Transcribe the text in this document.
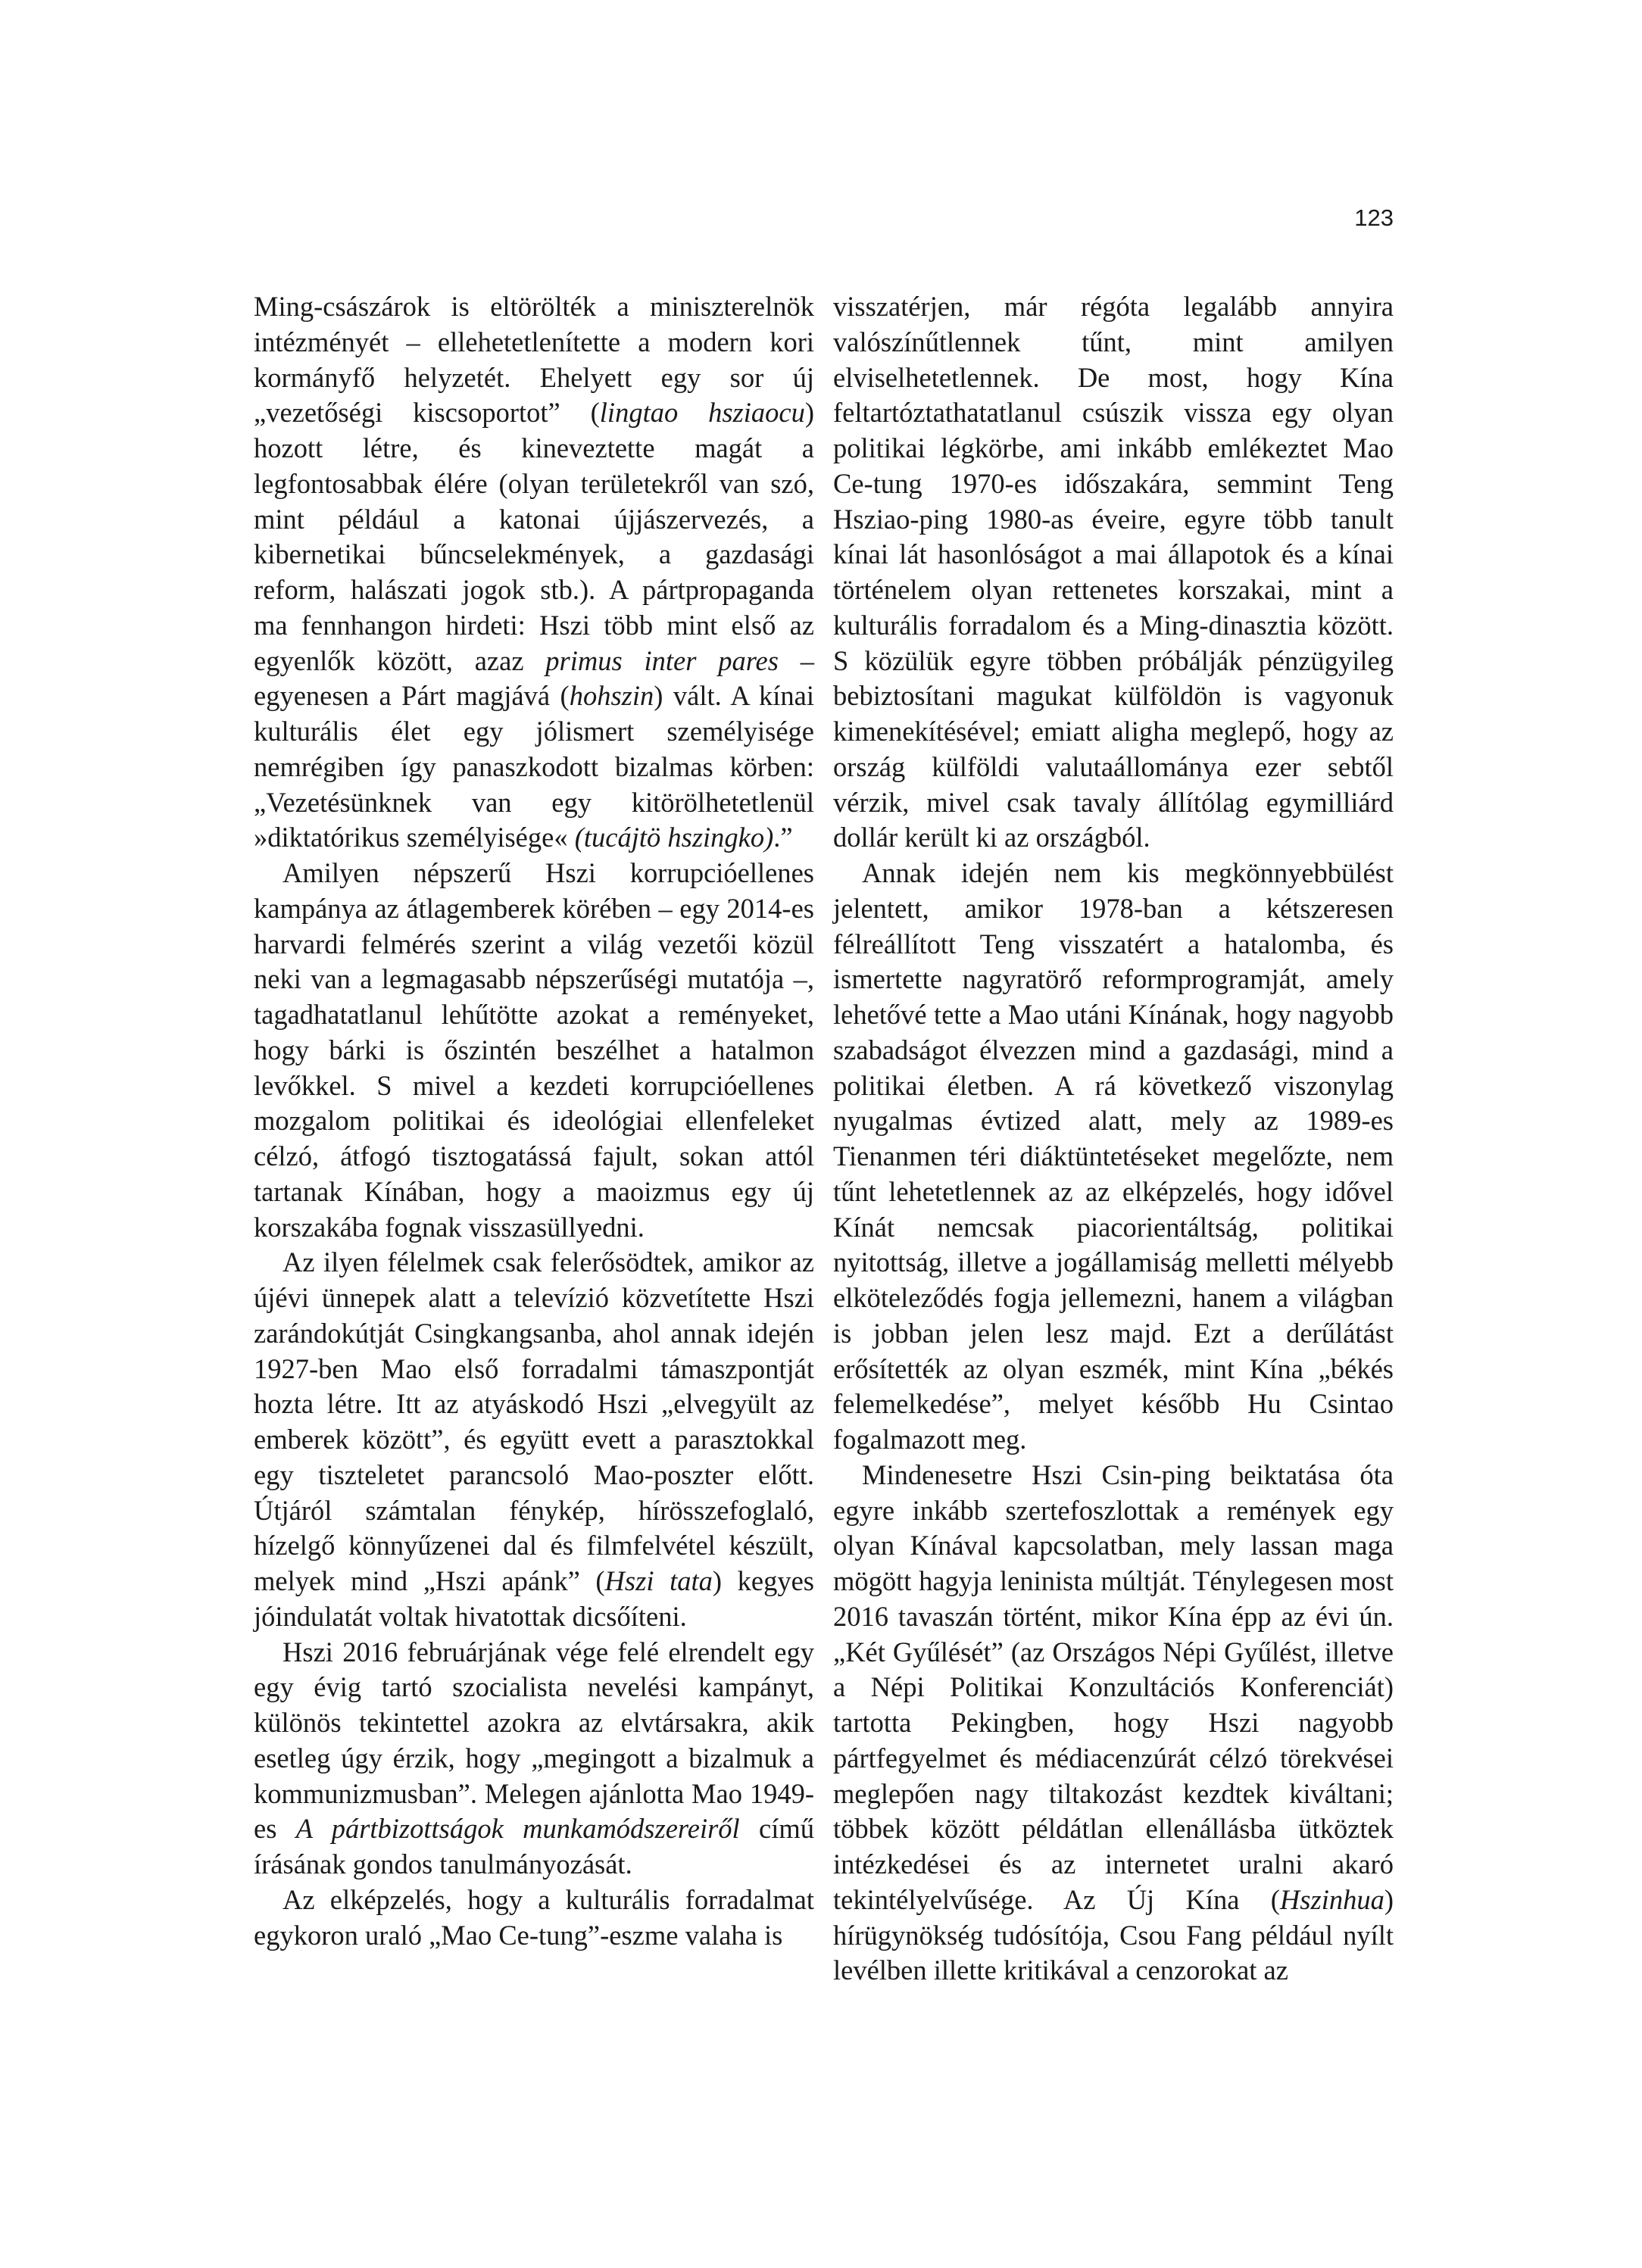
123

Ming-császárok is eltörölték a miniszterelnök intézményét – ellehetetlenítette a modern kori kormányfő helyzetét. Ehelyett egy sor új „vezetőségi kiscsoportot” (lingtao hsziaocu) hozott létre, és kineveztette magát a legfontosabbak élére (olyan területekről van szó, mint például a katonai újjászervezés, a kibernetikai bűncselekmények, a gazdasági reform, halászati jogok stb.). A pártpropaganda ma fennhangon hirdeti: Hszi több mint első az egyenlők között, azaz primus inter pares – egyenesen a Párt magjává (hohszin) vált. A kínai kulturális élet egy jólismert személyisége nemrégiben így panaszkodott bizalmas körben: „Vezetésünknek van egy kitörölhetetlenül »diktatórikus személyisége« (tucájtö hszingko).”

Amilyen népszerű Hszi korrupcióellenes kampánya az átlagemberek körében – egy 2014-es harvardi felmérés szerint a világ vezetői közül neki van a legmagasabb népszerűségi mutatója –, tagadhatatlanul lehűtötte azokat a reményeket, hogy bárki is őszintén beszélhet a hatalmon levőkkel. S mivel a kezdeti korrupcióellenes mozgalom politikai és ideológiai ellenfeleket célzó, átfogó tisztogatássá fajult, sokan attól tartanak Kínában, hogy a maoizmus egy új korszakába fognak visszasüllyedni.

Az ilyen félelmek csak felerősödtek, amikor az újévi ünnepek alatt a televízió közvetítette Hszi zarándokútját Csingkangsanba, ahol annak idején 1927-ben Mao első forradalmi támaszpontját hozta létre. Itt az atyáskodó Hszi „elvegyült az emberek között”, és együtt evett a parasztokkal egy tiszteletet parancsoló Mao-poszter előtt. Útjáról számtalan fénykép, hírösszefoglaló, hízelgő könnyűzenei dal és filmfelvétel készült, melyek mind „Hszi apánk” (Hszi tata) kegyes jóindulatát voltak hivatottak dicsőíteni.

Hszi 2016 februárjának vége felé elrendelt egy egy évig tartó szocialista nevelési kampányt, különös tekintettel azokra az elvtársakra, akik esetleg úgy érzik, hogy „megingott a bizalmuk a kommunizmusban”. Melegen ajánlotta Mao 1949-es A pártbizottságok munkamódszereiről című írásának gondos tanulmányozását.

Az elképzelés, hogy a kulturális forradalmat egykoron uraló „Mao Ce-tung”-eszme valaha is

visszatérjen, már régóta legalább annyira valószínűtlennek tűnt, mint amilyen elviselhetetlennek. De most, hogy Kína feltartóztathatatlanul csúszik vissza egy olyan politikai légkörbe, ami inkább emlékeztet Mao Ce-tung 1970-es időszakára, semmint Teng Hsziao-ping 1980-as éveire, egyre több tanult kínai lát hasonlóságot a mai állapotok és a kínai történelem olyan rettenetes korszakai, mint a kulturális forradalom és a Ming-dinasztia között. S közülük egyre többen próbálják pénzügyileg bebiztosítani magukat külföldön is vagyonuk kimenekítésével; emiatt aligha meglepő, hogy az ország külföldi valutaállománya ezer sebtől vérzik, mivel csak tavaly állítólag egymilliárd dollár került ki az országból.

Annak idején nem kis megkönnyebbülést jelentett, amikor 1978-ban a kétszeresen félreállított Teng visszatért a hatalomba, és ismertette nagyratörő reformprogramját, amely lehetővé tette a Mao utáni Kínának, hogy nagyobb szabadságot élvezzen mind a gazdasági, mind a politikai életben. A rá következő viszonylag nyugalmas évtized alatt, mely az 1989-es Tienanmen téri diáktüntetéseket megelőzte, nem tűnt lehetetlennek az az elképzelés, hogy idővel Kínát nemcsak piacorientáltság, politikai nyitottság, illetve a jogállamiság melletti mélyebb elköteleződés fogja jellemezni, hanem a világban is jobban jelen lesz majd. Ezt a derűlátást erősítették az olyan eszmék, mint Kína „békés felemelkedése”, melyet később Hu Csintao fogalmazott meg.

Mindenesetre Hszi Csin-ping beiktatása óta egyre inkább szertefoszlottak a remények egy olyan Kínával kapcsolatban, mely lassan maga mögött hagyja leninista múltját. Ténylegesen most 2016 tavaszán történt, mikor Kína épp az évi ún. „Két Gyűlését” (az Országos Népi Gyűlést, illetve a Népi Politikai Konzultációs Konferenciát) tartotta Pekingben, hogy Hszi nagyobb pártfegyelmet és médiacenzúrát célzó törekvései meglepően nagy tiltakozást kezdtek kiváltani; többek között példátlan ellenállásba ütköztek intézkedései és az internetet uralni akaró tekintélyelvűsége. Az Új Kína (Hszinhua) hírügynökség tudósítója, Csou Fang például nyílt levélben illette kritikával a cenzorokat az
